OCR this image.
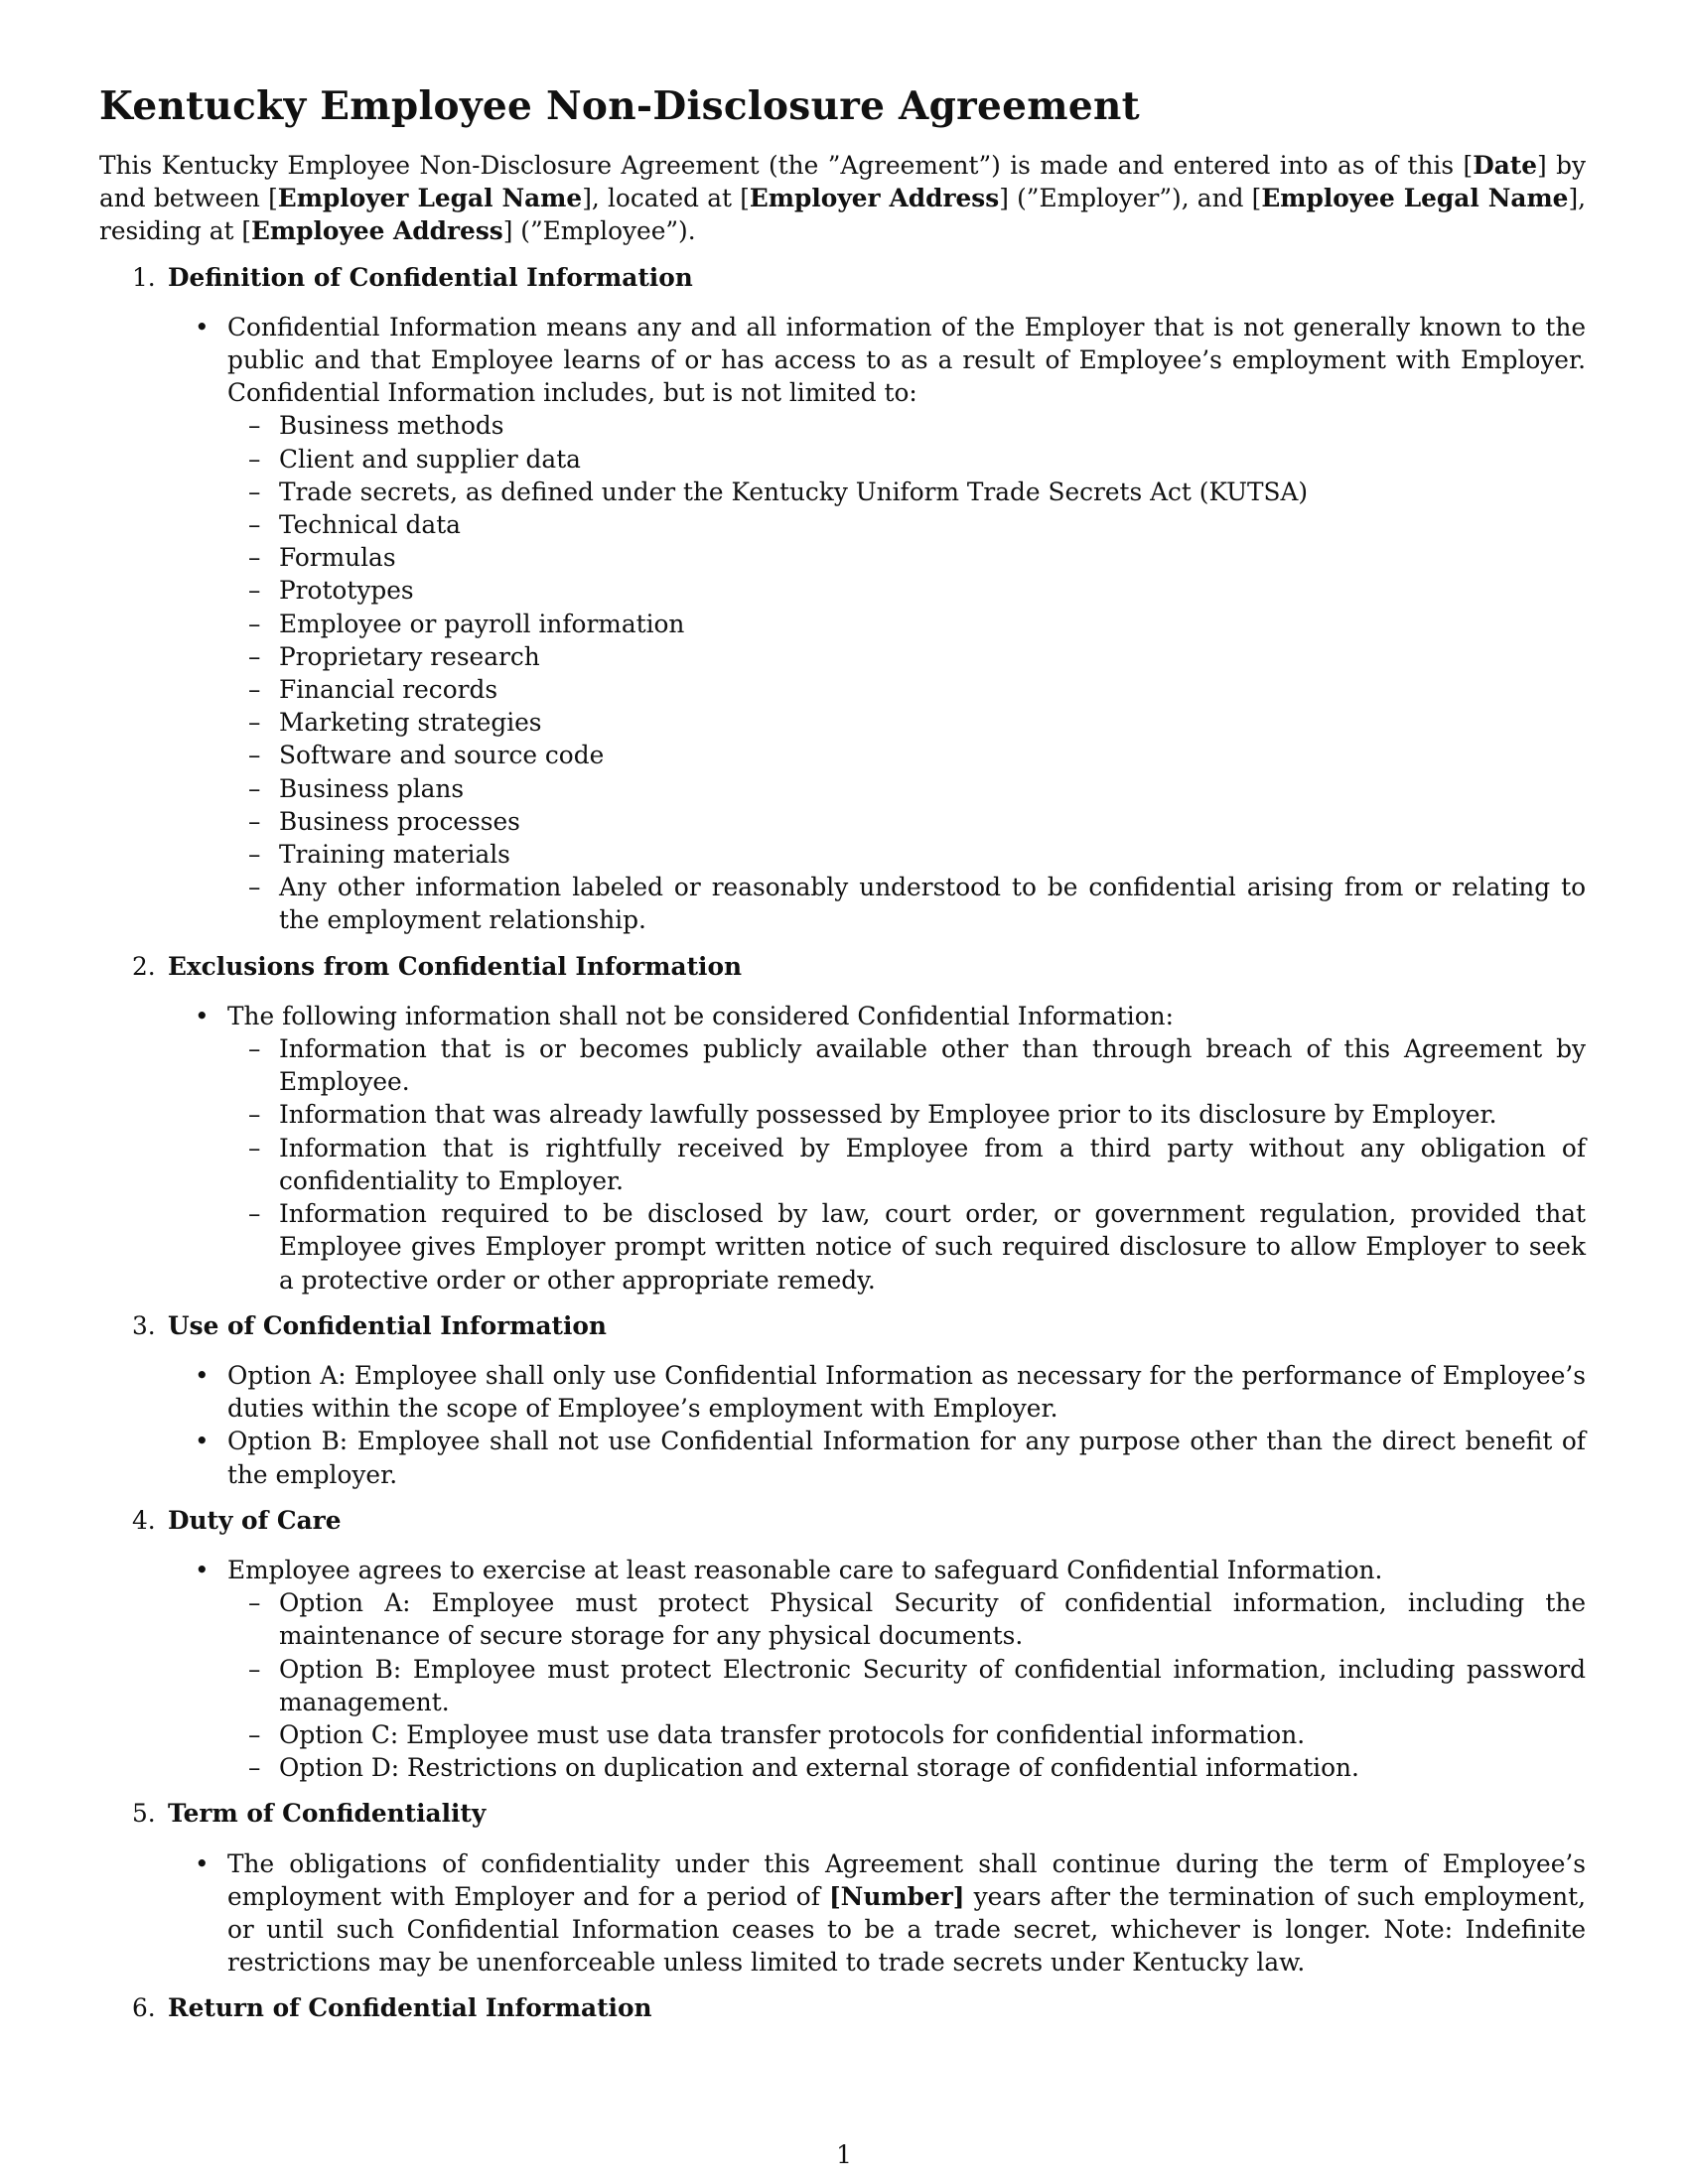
Kentucky Employee Non-Disclosure Agreement

This Kentucky Employee Non-Disclosure Agreement (the ”Agreement”) is made and entered into as of this [Date] by and between [Employer Legal Name], located at [Employer Address] (”Employer”), and [Employee Legal Name], residing at [Employee Address] (”Employee”).

1. Definition of Confidential Information
• Confidential Information means any and all information of the Employer that is not generally known to the public and that Employee learns of or has access to as a result of Employee’s employment with Employer. Confidential Information includes, but is not limited to:
– Business methods
– Client and supplier data
– Trade secrets, as defined under the Kentucky Uniform Trade Secrets Act (KUTSA)
– Technical data
– Formulas
– Prototypes
– Employee or payroll information
– Proprietary research
– Financial records
– Marketing strategies
– Software and source code
– Business plans
– Business processes
– Training materials
– Any other information labeled or reasonably understood to be confidential arising from or relating to the employment relationship.
2. Exclusions from Confidential Information
• The following information shall not be considered Confidential Information:
– Information that is or becomes publicly available other than through breach of this Agreement by Employee.
– Information that was already lawfully possessed by Employee prior to its disclosure by Employer.
– Information that is rightfully received by Employee from a third party without any obligation of confidentiality to Employer.
– Information required to be disclosed by law, court order, or government regulation, provided that Employee gives Employer prompt written notice of such required disclosure to allow Employer to seek a protective order or other appropriate remedy.
3. Use of Confidential Information
• Option A: Employee shall only use Confidential Information as necessary for the performance of Employee’s duties within the scope of Employee’s employment with Employer.
• Option B: Employee shall not use Confidential Information for any purpose other than the direct benefit of the employer.
4. Duty of Care
• Employee agrees to exercise at least reasonable care to safeguard Confidential Information.
– Option A: Employee must protect Physical Security of confidential information, including the maintenance of secure storage for any physical documents.
– Option B: Employee must protect Electronic Security of confidential information, including password management.
– Option C: Employee must use data transfer protocols for confidential information.
– Option D: Restrictions on duplication and external storage of confidential information.
5. Term of Confidentiality
• The obligations of confidentiality under this Agreement shall continue during the term of Employee’s employment with Employer and for a period of [Number] years after the termination of such employment, or until such Confidential Information ceases to be a trade secret, whichever is longer. Note: Indefinite restrictions may be unenforceable unless limited to trade secrets under Kentucky law.
6. Return of Confidential Information
1
